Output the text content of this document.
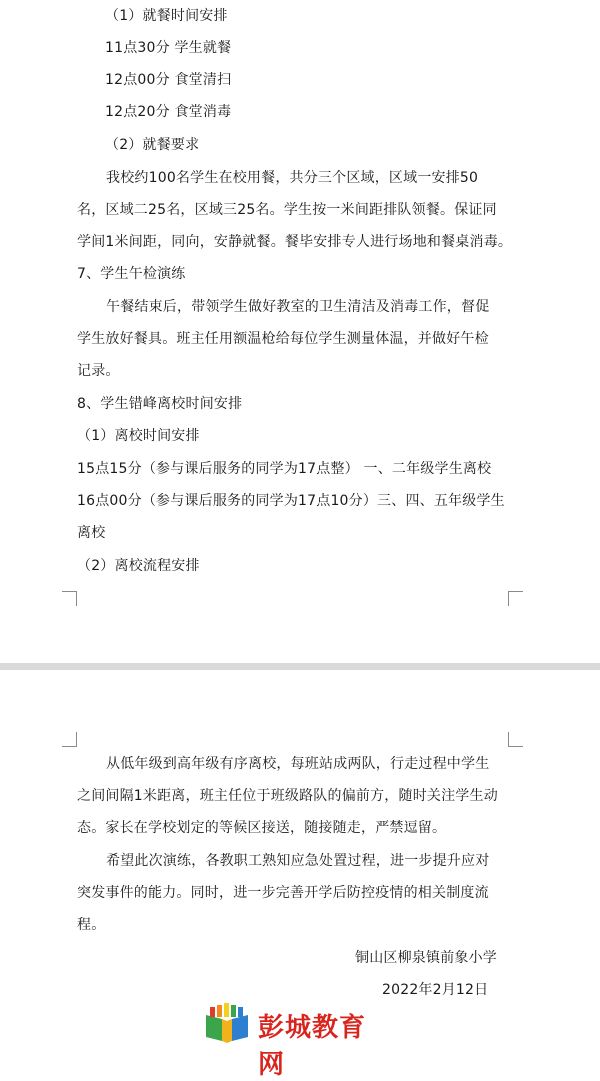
（1）就餐时间安排
11点30分 学生就餐
12点00分 食堂清扫
12点20分 食堂消毒
（2）就餐要求
我校约100名学生在校用餐，共分三个区域，区域一安排50
名，区域二25名，区域三25名。学生按一米间距排队领餐。保证同
学间1米间距，同向，安静就餐。餐毕安排专人进行场地和餐桌消毒。
7、学生午检演练
午餐结束后，带领学生做好教室的卫生清洁及消毒工作，督促
学生放好餐具。班主任用额温枪给每位学生测量体温，并做好午检
记录。
8、学生错峰离校时间安排
（1）离校时间安排
15点15分（参与课后服务的同学为17点整） 一、二年级学生离校
16点00分（参与课后服务的同学为17点10分）三、四、五年级学生
离校
（2）离校流程安排
从低年级到高年级有序离校，每班站成两队，行走过程中学生
之间间隔1米距离，班主任位于班级路队的偏前方，随时关注学生动
态。家长在学校划定的等候区接送，随接随走，严禁逗留。
希望此次演练，各教职工熟知应急处置过程，进一步提升应对
突发事件的能力。同时，进一步完善开学后防控疫情的相关制度流
程。
铜山区柳泉镇前象小学
2022年2月12日
彭城教育网
